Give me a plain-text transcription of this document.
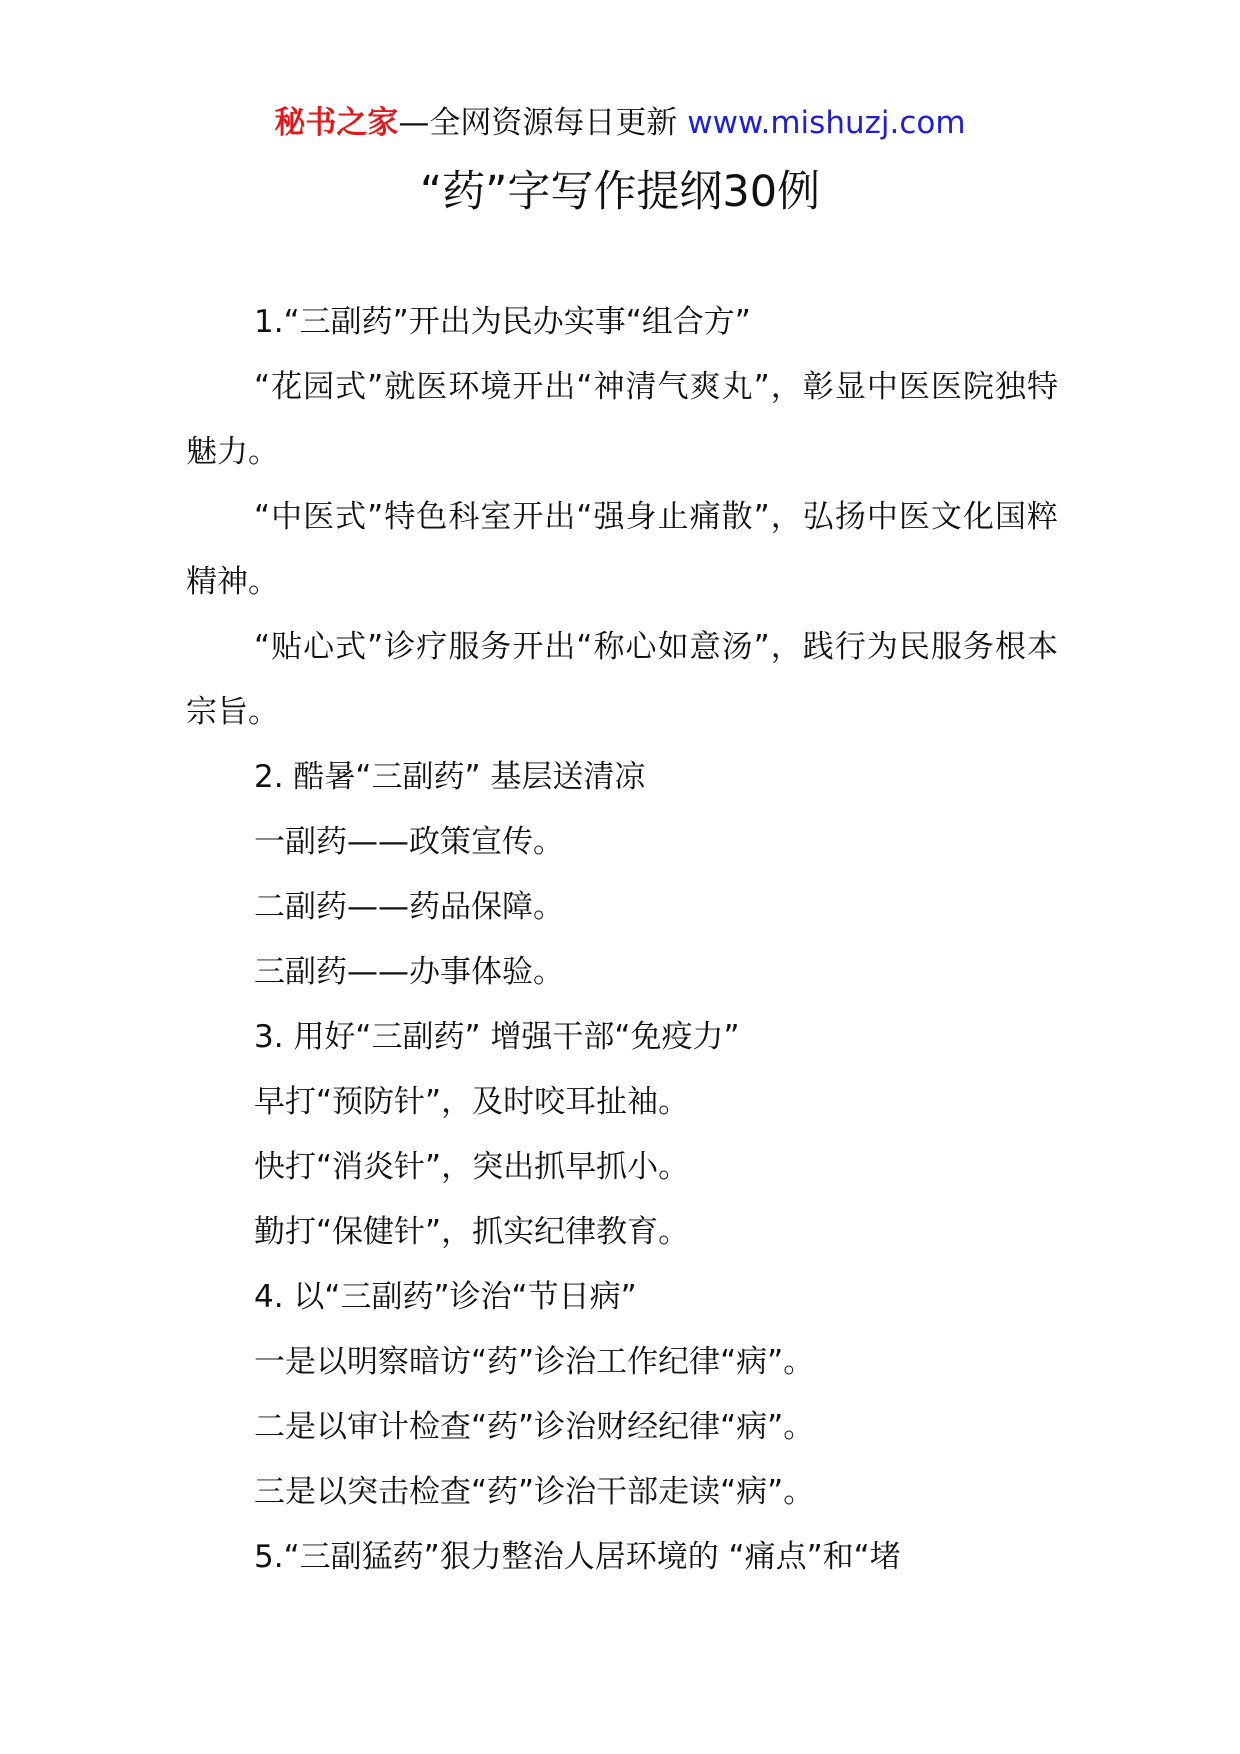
秘书之家—全网资源每日更新 www.mishuzj.com
“药”字写作提纲30例

1.“三副药”开出为民办实事“组合方”

“花园式”就医环境开出“神清气爽丸”，彰显中医医院独特魅力。

“中医式”特色科室开出“强身止痛散”，弘扬中医文化国粹精神。

“贴心式”诊疗服务开出“称心如意汤”，践行为民服务根本宗旨。

2. 酷暑“三副药” 基层送清凉

一副药——政策宣传。

二副药——药品保障。

三副药——办事体验。

3. 用好“三副药” 增强干部“免疫力”

早打“预防针”，及时咬耳扯袖。

快打“消炎针”，突出抓早抓小。

勤打“保健针”，抓实纪律教育。

4. 以“三副药”诊治“节日病”

一是以明察暗访“药”诊治工作纪律“病”。

二是以审计检查“药”诊治财经纪律“病”。

三是以突击检查“药”诊治干部走读“病”。

5.“三副猛药”狠力整治人居环境的 “痛点”和“堵
